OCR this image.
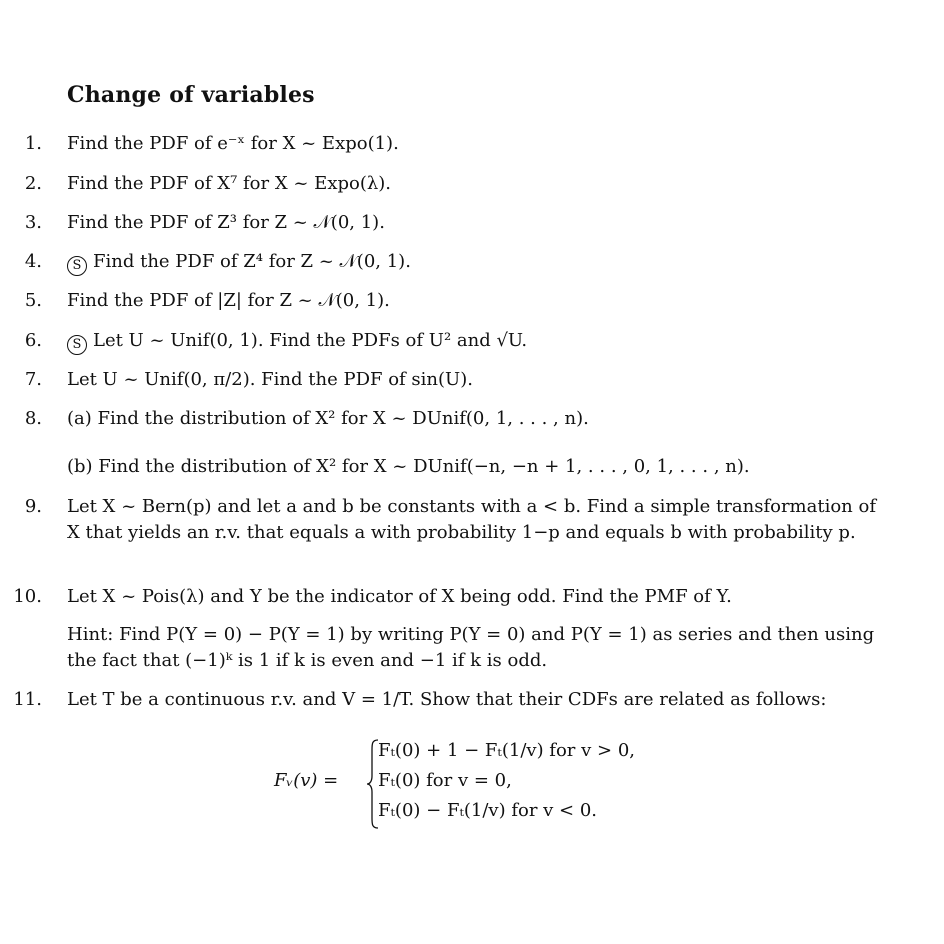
Change of variables
1. Find the PDF of e⁻ˣ for X ~ Expo(1).
2. Find the PDF of X⁷ for X ~ Expo(λ).
3. Find the PDF of Z³ for Z ~ 𝒩(0, 1).
4.	S Find the PDF of Z⁴ for Z ~ 𝒩(0, 1).
5. Find the PDF of |Z| for Z ~ 𝒩(0, 1).
6.	S Let U ~ Unif(0, 1). Find the PDFs of U² and √U.
7. Let U ~ Unif(0, π/2). Find the PDF of sin(U).
8. (a) Find the distribution of X² for X ~ DUnif(0, 1, . . . , n).
(b) Find the distribution of X² for X ~ DUnif(−n, −n + 1, . . . , 0, 1, . . . , n).
9. Let X ~ Bern(p) and let a and b be constants with a < b. Find a simple transformation of X that yields an r.v. that equals a with probability 1−p and equals b with probability p.
10. Let X ~ Pois(λ) and Y be the indicator of X being odd. Find the PMF of Y.
Hint: Find P(Y = 0) − P(Y = 1) by writing P(Y = 0) and P(Y = 1) as series and then using the fact that (−1)ᵏ is 1 if k is even and −1 if k is odd.
11. Let T be a continuous r.v. and V = 1/T. Show that their CDFs are related as follows:
Fᵥ(v) =
Fₜ(0) + 1 − Fₜ(1/v) for v > 0,
Fₜ(0) for v = 0,
Fₜ(0) − Fₜ(1/v) for v < 0.
